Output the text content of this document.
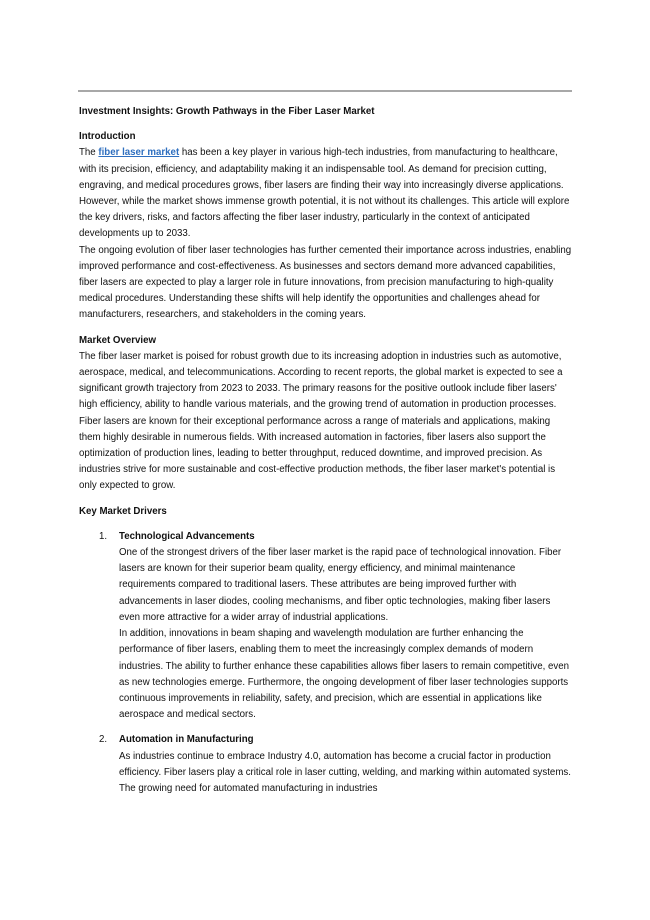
Investment Insights: Growth Pathways in the Fiber Laser Market

Introduction

The fiber laser market has been a key player in various high-tech industries, from manufacturing to healthcare, with its precision, efficiency, and adaptability making it an indispensable tool. As demand for precision cutting, engraving, and medical procedures grows, fiber lasers are finding their way into increasingly diverse applications. However, while the market shows immense growth potential, it is not without its challenges. This article will explore the key drivers, risks, and factors affecting the fiber laser industry, particularly in the context of anticipated developments up to 2033.

The ongoing evolution of fiber laser technologies has further cemented their importance across industries, enabling improved performance and cost-effectiveness. As businesses and sectors demand more advanced capabilities, fiber lasers are expected to play a larger role in future innovations, from precision manufacturing to high-quality medical procedures. Understanding these shifts will help identify the opportunities and challenges ahead for manufacturers, researchers, and stakeholders in the coming years.

Market Overview

The fiber laser market is poised for robust growth due to its increasing adoption in industries such as automotive, aerospace, medical, and telecommunications. According to recent reports, the global market is expected to see a significant growth trajectory from 2023 to 2033. The primary reasons for the positive outlook include fiber lasers' high efficiency, ability to handle various materials, and the growing trend of automation in production processes.

Fiber lasers are known for their exceptional performance across a range of materials and applications, making them highly desirable in numerous fields. With increased automation in factories, fiber lasers also support the optimization of production lines, leading to better throughput, reduced downtime, and improved precision. As industries strive for more sustainable and cost-effective production methods, the fiber laser market's potential is only expected to grow.

Key Market Drivers

1. Technological Advancements

One of the strongest drivers of the fiber laser market is the rapid pace of technological innovation. Fiber lasers are known for their superior beam quality, energy efficiency, and minimal maintenance requirements compared to traditional lasers. These attributes are being improved further with advancements in laser diodes, cooling mechanisms, and fiber optic technologies, making fiber lasers even more attractive for a wider array of industrial applications.

In addition, innovations in beam shaping and wavelength modulation are further enhancing the performance of fiber lasers, enabling them to meet the increasingly complex demands of modern industries. The ability to further enhance these capabilities allows fiber lasers to remain competitive, even as new technologies emerge. Furthermore, the ongoing development of fiber laser technologies supports continuous improvements in reliability, safety, and precision, which are essential in applications like aerospace and medical sectors.

2. Automation in Manufacturing

As industries continue to embrace Industry 4.0, automation has become a crucial factor in production efficiency. Fiber lasers play a critical role in laser cutting, welding, and marking within automated systems. The growing need for automated manufacturing in industries
